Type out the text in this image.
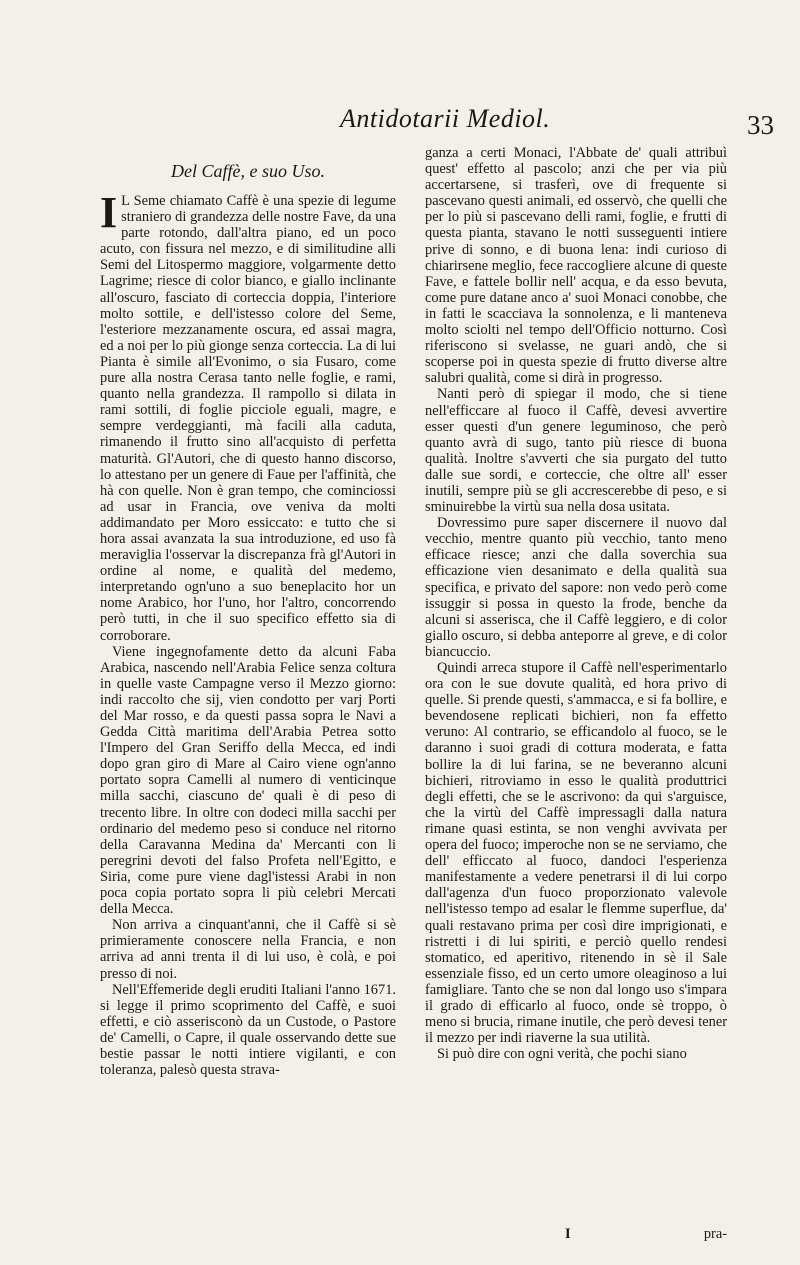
Antidotarii Mediol.	33
Del Caffè, e suo Uso.

I L Seme chiamato Caffè è una spezie di legume straniero di grandezza delle nostre Fave, da una parte rotondo, dall'altra piano, ed un poco acuto, con fissura nel mezzo, e di similitudine alli Semi del Litospermo maggiore, volgarmente detto Lagrime; riesce di color bianco, e giallo inclinante all'oscuro, fasciato di corteccia doppia, l'interiore molto sottile, e dell'istesso colore del Seme, l'esteriore mezzanamente oscura, ed assai magra, ed a noi per lo più gionge senza corteccia. La di lui Pianta è simile all'Evonimo, o sia Fusaro, come pure alla nostra Cerasa tanto nelle foglie, e rami, quanto nella grandezza. Il rampollo si dilata in rami sottili, di foglie picciole eguali, magre, e sempre verdeggianti, mà facili alla caduta, rimanendo il frutto sino all'acquisto di perfetta maturità. Gl'Autori, che di questo hanno discorso, lo attestano per un genere di Faue per l'affinità, che hà con quelle. Non è gran tempo, che cominciossi ad usar in Francia, ove veniva da molti addimandato per Moro essiccato: e tutto che si hora assai avanzata la sua introduzione, ed uso fà meraviglia l'osservar la discrepanza frà gl'Autori in ordine al nome, e qualità del medemo, interpretando ogn'uno a suo beneplacito hor un nome Arabico, hor l'uno, hor l'altro, concorrendo però tutti, in che il suo specifico effetto sia di corroborare.

Viene ingegnofamente detto da alcuni Faba Arabica, nascendo nell'Arabia Felice senza coltura in quelle vaste Campagne verso il Mezzo giorno: indi raccolto che sij, vien condotto per varj Porti del Mar rosso, e da questi passa sopra le Navi a Gedda Città maritima dell'Arabia Petrea sotto l'Impero del Gran Seriffo della Mecca, ed indi dopo gran giro di Mare al Cairo viene ogn'anno portato sopra Camelli al numero di venticinque milla sacchi, ciascuno de' quali è di peso di trecento libre. In oltre con dodeci milla sacchi per ordinario del medemo peso si conduce nel ritorno della Caravanna Medina da' Mercanti con li peregrini devoti del falso Profeta nell'Egitto, e Siria, come pure viene dagl'istessi Arabi in non poca copia portato sopra li più celebri Mercati della Mecca.

Non arriva a cinquant'anni, che il Caffè si sè primieramente conoscere nella Francia, e non arriva ad anni trenta il di lui uso, è colà, e poi presso di noi.

Nell'Effemeride degli eruditi Italiani l'anno 1671. si legge il primo scoprimento del Caffè, e suoi effetti, e ciò asserisconò da un Custode, o Pastore de' Camelli, o Capre, il quale osservando dette sue bestie passar le notti intiere vigilanti, e con toleranza, palesò questa strava-

ganza a certi Monaci, l'Abbate de' quali attribuì quest' effetto al pascolo; anzi che per via più accertarsene, si trasferì, ove di frequente si pascevano questi animali, ed osservò, che quelli che per lo più si pascevano delli rami, foglie, e frutti di questa pianta, stavano le notti susseguenti intiere prive di sonno, e di buona lena: indi curioso di chiarirsene meglio, fece raccogliere alcune di queste Fave, e fattele bollir nell' acqua, e da esso bevuta, come pure datane anco a' suoi Monaci conobbe, che in fatti le scacciava la sonnolenza, e li manteneva molto sciolti nel tempo dell'Officio notturno. Così riferiscono si svelasse, ne guari andò, che si scoperse poi in questa spezie di frutto diverse altre salubri qualità, come si dirà in progresso.

Nanti però di spiegar il modo, che si tiene nell'efficcare al fuoco il Caffè, devesi avvertire esser questi d'un genere leguminoso, che però quanto avrà di sugo, tanto più riesce di buona qualità. Inoltre s'avverti che sia purgato del tutto dalle sue sordi, e corteccie, che oltre all' esser inutili, sempre più se gli accrescerebbe di peso, e si sminuirebbe la virtù sua nella dosa usitata.

Dovressimo pure saper discernere il nuovo dal vecchio, mentre quanto più vecchio, tanto meno efficace riesce; anzi che dalla soverchia sua efficazione vien desanimato e della qualità sua specifica, e privato del sapore: non vedo però come issuggir si possa in questo la frode, benche da alcuni si asserisca, che il Caffè leggiero, e di color giallo oscuro, si debba anteporre al greve, e di color biancuccio.

Quindi arreca stupore il Caffè nell'esperimentarlo ora con le sue dovute qualità, ed hora privo di quelle. Si prende questi, s'ammacca, e si fa bollire, e bevendosene replicati bichieri, non fa effetto veruno: Al contrario, se efficandolo al fuoco, se le daranno i suoi gradi di cottura moderata, e fatta bollire la di lui farina, se ne beveranno alcuni bichieri, ritroviamo in esso le qualità produttrici degli effetti, che se le ascrivono: da qui s'arguisce, che la virtù del Caffè impressagli dalla natura rimane quasi estinta, se non venghi avvivata per opera del fuoco; imperoche non se ne serviamo, che dell' efficcato al fuoco, dandoci l'esperienza manifestamente a vedere penetrarsi il di lui corpo dall'agenza d'un fuoco proporzionato valevole nell'istesso tempo ad esalar le flemme superflue, da' quali restavano prima per così dire imprigionati, e ristretti i di lui spiriti, e perciò quello rendesi stomatico, ed aperitivo, ritenendo in sè il Sale essenziale fisso, ed un certo umore oleaginoso a lui famigliare. Tanto che se non dal longo uso s'impara il grado di efficarlo al fuoco, onde sè troppo, ò meno si brucia, rimane inutile, che però devesi tener il mezzo per indi riaverne la sua utilità.

Si può dire con ogni verità, che pochi siano

I	pra-
